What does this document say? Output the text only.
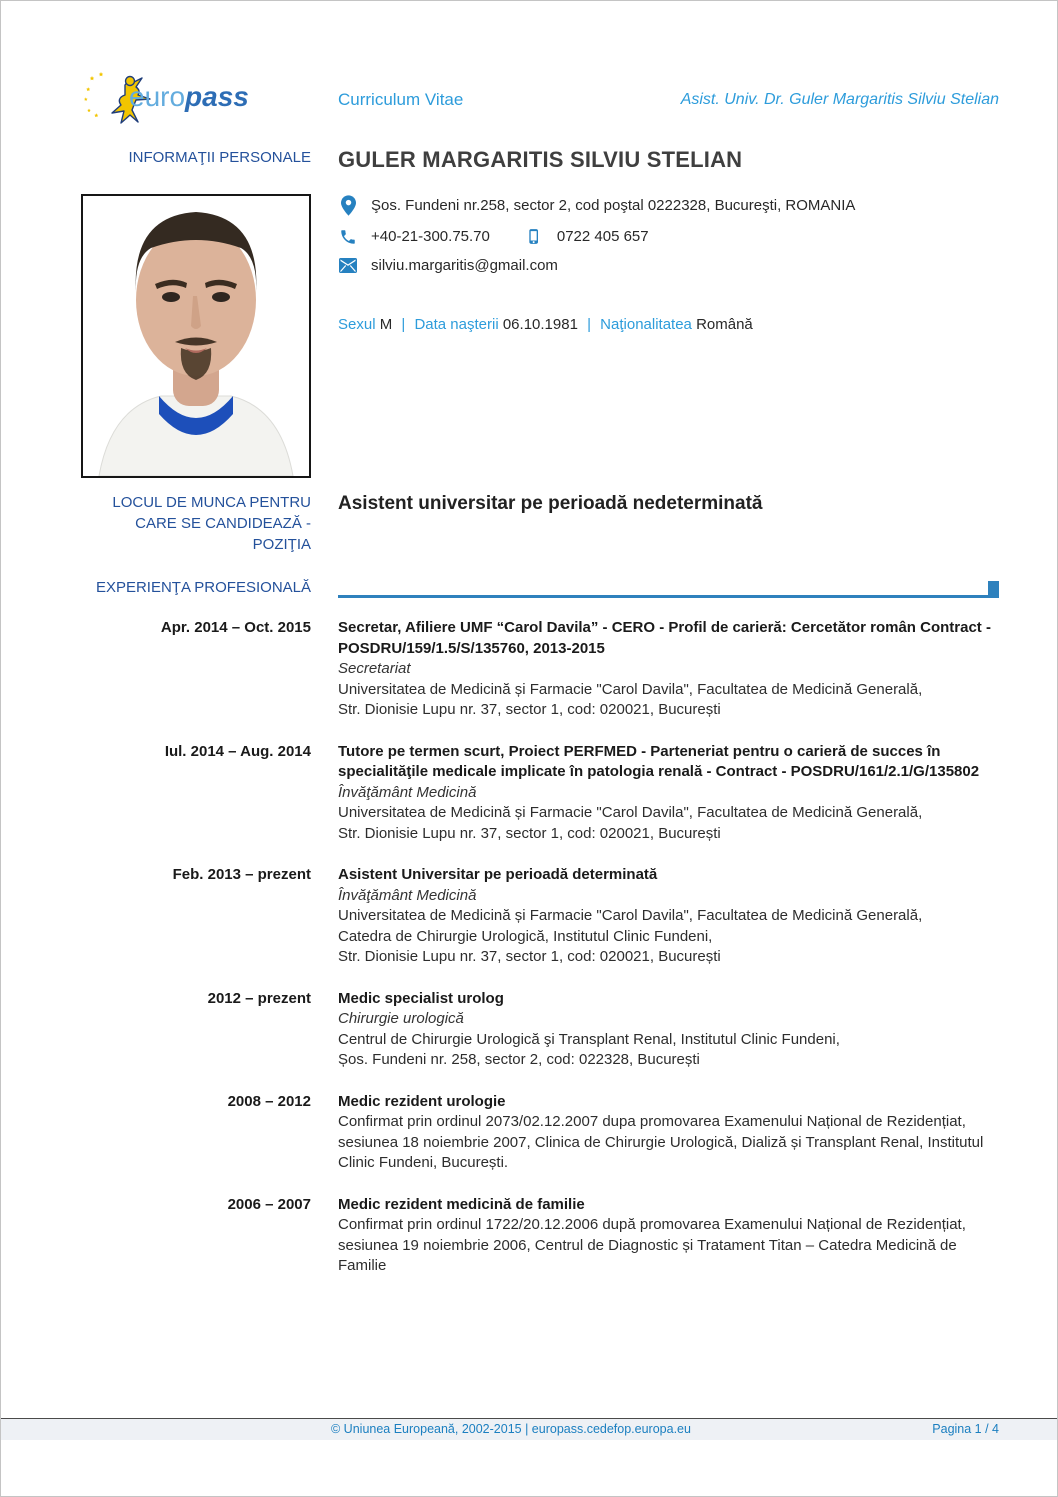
europass	Curriculum Vitae	Asist. Univ. Dr. Guler Margaritis Silviu Stelian
INFORMAŢII PERSONALE GULER MARGARITIS SILVIU STELIAN
Şos. Fundeni nr.258, sector 2, cod poştal 0222328, Bucureşti, ROMANIA
+40-21-300.75.70	0722 405 657
silviu.margaritis@gmail.com
Sexul M | Data naşterii 06.10.1981 | Naţionalitatea Română
LOCUL DE MUNCA PENTRU
CARE SE CANDIDEAZĂ -
POZIŢIA
Asistent universitar pe perioadă nedeterminată
EXPERIENŢA PROFESIONALĂ
Apr. 2014 – Oct. 2015 Secretar, Afiliere UMF “Carol Davila” - CERO - Profil de carieră: Cercetător român Contract - POSDRU/159/1.5/S/135760, 2013-2015
Secretariat
Universitatea de Medicină și Farmacie "Carol Davila", Facultatea de Medicină Generală,
Str. Dionisie Lupu nr. 37, sector 1, cod: 020021, București
Iul. 2014 – Aug. 2014 Tutore pe termen scurt, Proiect PERFMED - Parteneriat pentru o carieră de succes în specialităţile medicale implicate în patologia renală - Contract - POSDRU/161/2.1/G/135802
Învăţământ Medicină
Universitatea de Medicină și Farmacie "Carol Davila", Facultatea de Medicină Generală,
Str. Dionisie Lupu nr. 37, sector 1, cod: 020021, București
Feb. 2013 – prezent Asistent Universitar pe perioadă determinată
Învăţământ Medicină
Universitatea de Medicină și Farmacie "Carol Davila", Facultatea de Medicină Generală,
Catedra de Chirurgie Urologică, Institutul Clinic Fundeni,
Str. Dionisie Lupu nr. 37, sector 1, cod: 020021, București
2012 – prezent Medic specialist urolog
Chirurgie urologică
Centrul de Chirurgie Urologică şi Transplant Renal, Institutul Clinic Fundeni,
Șos. Fundeni nr. 258, sector 2, cod: 022328, București
2008 – 2012 Medic rezident urologie
Confirmat prin ordinul 2073/02.12.2007 dupa promovarea Examenului Național de Rezidențiat, sesiunea 18 noiembrie 2007, Clinica de Chirurgie Urologică, Dializă și Transplant Renal, Institutul Clinic Fundeni, București.
2006 – 2007 Medic rezident medicină de familie
Confirmat prin ordinul 1722/20.12.2006 după promovarea Examenului Național de Rezidențiat, sesiunea 19 noiembrie 2006, Centrul de Diagnostic și Tratament Titan – Catedra Medicină de Familie
© Uniunea Europeană, 2002-2015 | europass.cedefop.europa.eu	Pagina 1 / 4
